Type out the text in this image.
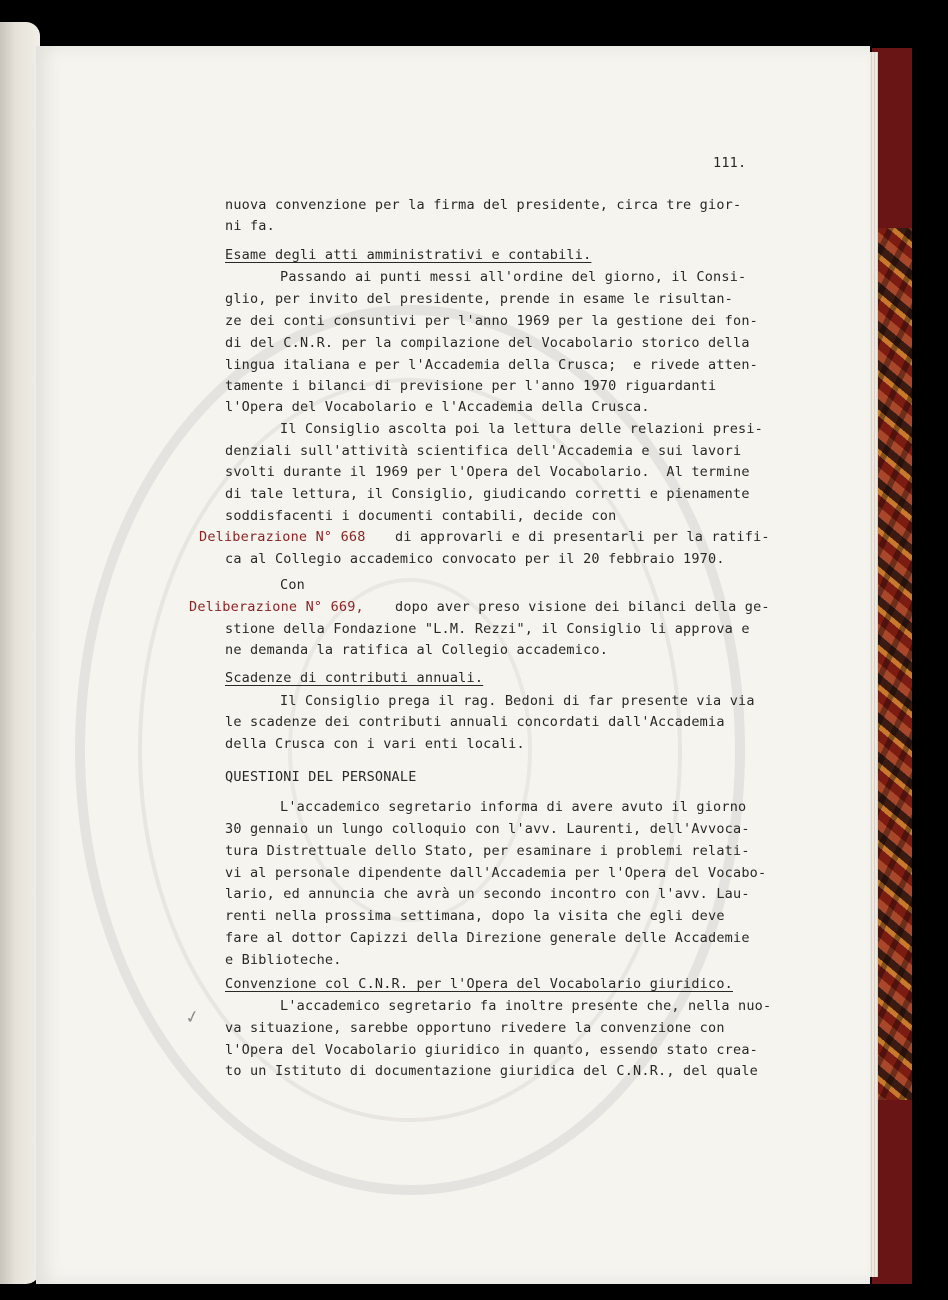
111.
nuova convenzione per la firma del presidente, circa tre gior-
ni fa.
Esame degli atti amministrativi e contabili.
Passando ai punti messi all'ordine del giorno, il Consi-
glio, per invito del presidente, prende in esame le risultan-
ze dei conti consuntivi per l'anno 1969 per la gestione dei fon-
di del C.N.R. per la compilazione del Vocabolario storico della
lingua italiana e per l'Accademia della Crusca;  e rivede atten-
tamente i bilanci di previsione per l'anno 1970 riguardanti
l'Opera del Vocabolario e l'Accademia della Crusca.
Il Consiglio ascolta poi la lettura delle relazioni presi-
denziali sull'attività scientifica dell'Accademia e sui lavori
svolti durante il 1969 per l'Opera del Vocabolario.  Al termine
di tale lettura, il Consiglio, giudicando corretti e pienamente
soddisfacenti i documenti contabili, decide con
Deliberazione N° 668 di approvarli e di presentarli per la ratifi-
ca al Collegio accademico convocato per il 20 febbraio 1970.
Con
Deliberazione N° 669, dopo aver preso visione dei bilanci della ge-
stione della Fondazione "L.M. Rezzi", il Consiglio li approva e
ne demanda la ratifica al Collegio accademico.
Scadenze di contributi annuali.
Il Consiglio prega il rag. Bedoni di far presente via via
le scadenze dei contributi annuali concordati dall'Accademia
della Crusca con i vari enti locali.
QUESTIONI DEL PERSONALE
L'accademico segretario informa di avere avuto il giorno
30 gennaio un lungo colloquio con l'avv. Laurenti, dell'Avvoca-
tura Distrettuale dello Stato, per esaminare i problemi relati-
vi al personale dipendente dall'Accademia per l'Opera del Vocabo-
lario, ed annuncia che avrà un secondo incontro con l'avv. Lau-
renti nella prossima settimana, dopo la visita che egli deve
fare al dottor Capizzi della Direzione generale delle Accademie
e Biblioteche.
Convenzione col C.N.R. per l'Opera del Vocabolario giuridico.
L'accademico segretario fa inoltre presente che, nella nuo-
va situazione, sarebbe opportuno rivedere la convenzione con
l'Opera del Vocabolario giuridico in quanto, essendo stato crea-
to un Istituto di documentazione giuridica del C.N.R., del quale
✓
